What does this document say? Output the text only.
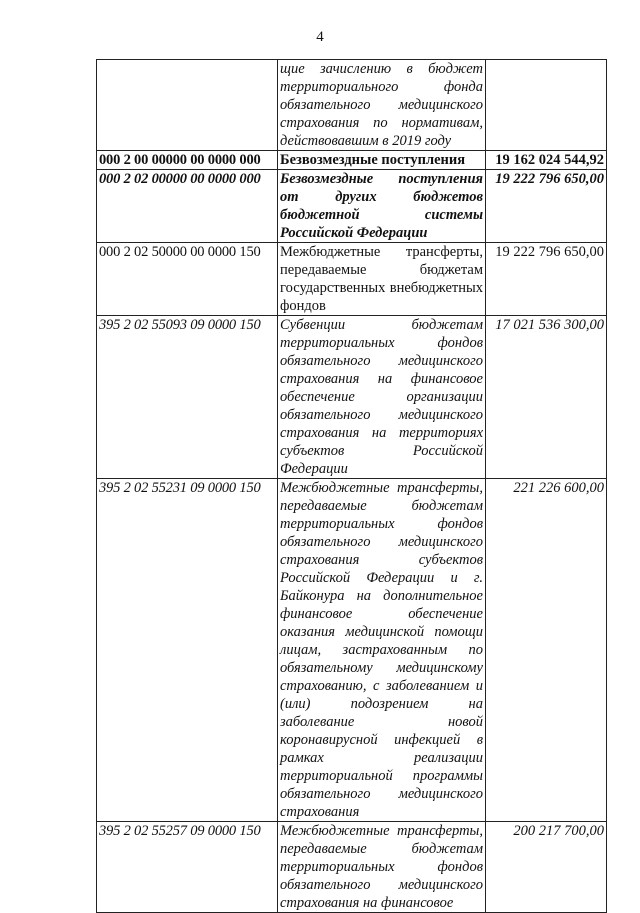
4
	щие зачислению в бюджет территориального фонда обязательного медицинского страхования по нормативам, действовавшим в 2019 году	
000 2 00 00000 00 0000 000	Безвозмездные поступления	19 162 024 544,92
000 2 02 00000 00 0000 000	Безвозмездные поступления от других бюджетов бюджетной системы Российской Федерации	19 222 796 650,00
000 2 02 50000 00 0000 150	Межбюджетные трансферты, передаваемые бюджетам государственных внебюджетных фондов	19 222 796 650,00
395 2 02 55093 09 0000 150	Субвенции бюджетам территориальных фондов обязательного медицинского страхования на финансовое обеспечение организации обязательного медицинского страхования на территориях субъектов Российской Федерации	17 021 536 300,00
395 2 02 55231 09 0000 150	Межбюджетные трансферты, передаваемые бюджетам территориальных фондов обязательного медицинского страхования субъектов Российской Федерации и г. Байконура на дополнительное финансовое обеспечение оказания медицинской помощи лицам, застрахованным по обязательному медицинскому страхованию, с заболеванием и (или) подозрением на заболевание новой коронавирусной инфекцией в рамках реализации территориальной программы обязательного медицинского страхования	221 226 600,00
395 2 02 55257 09 0000 150	Межбюджетные трансферты, передаваемые бюджетам территориальных фондов обязательного медицинского страхования на финансовое	200 217 700,00
